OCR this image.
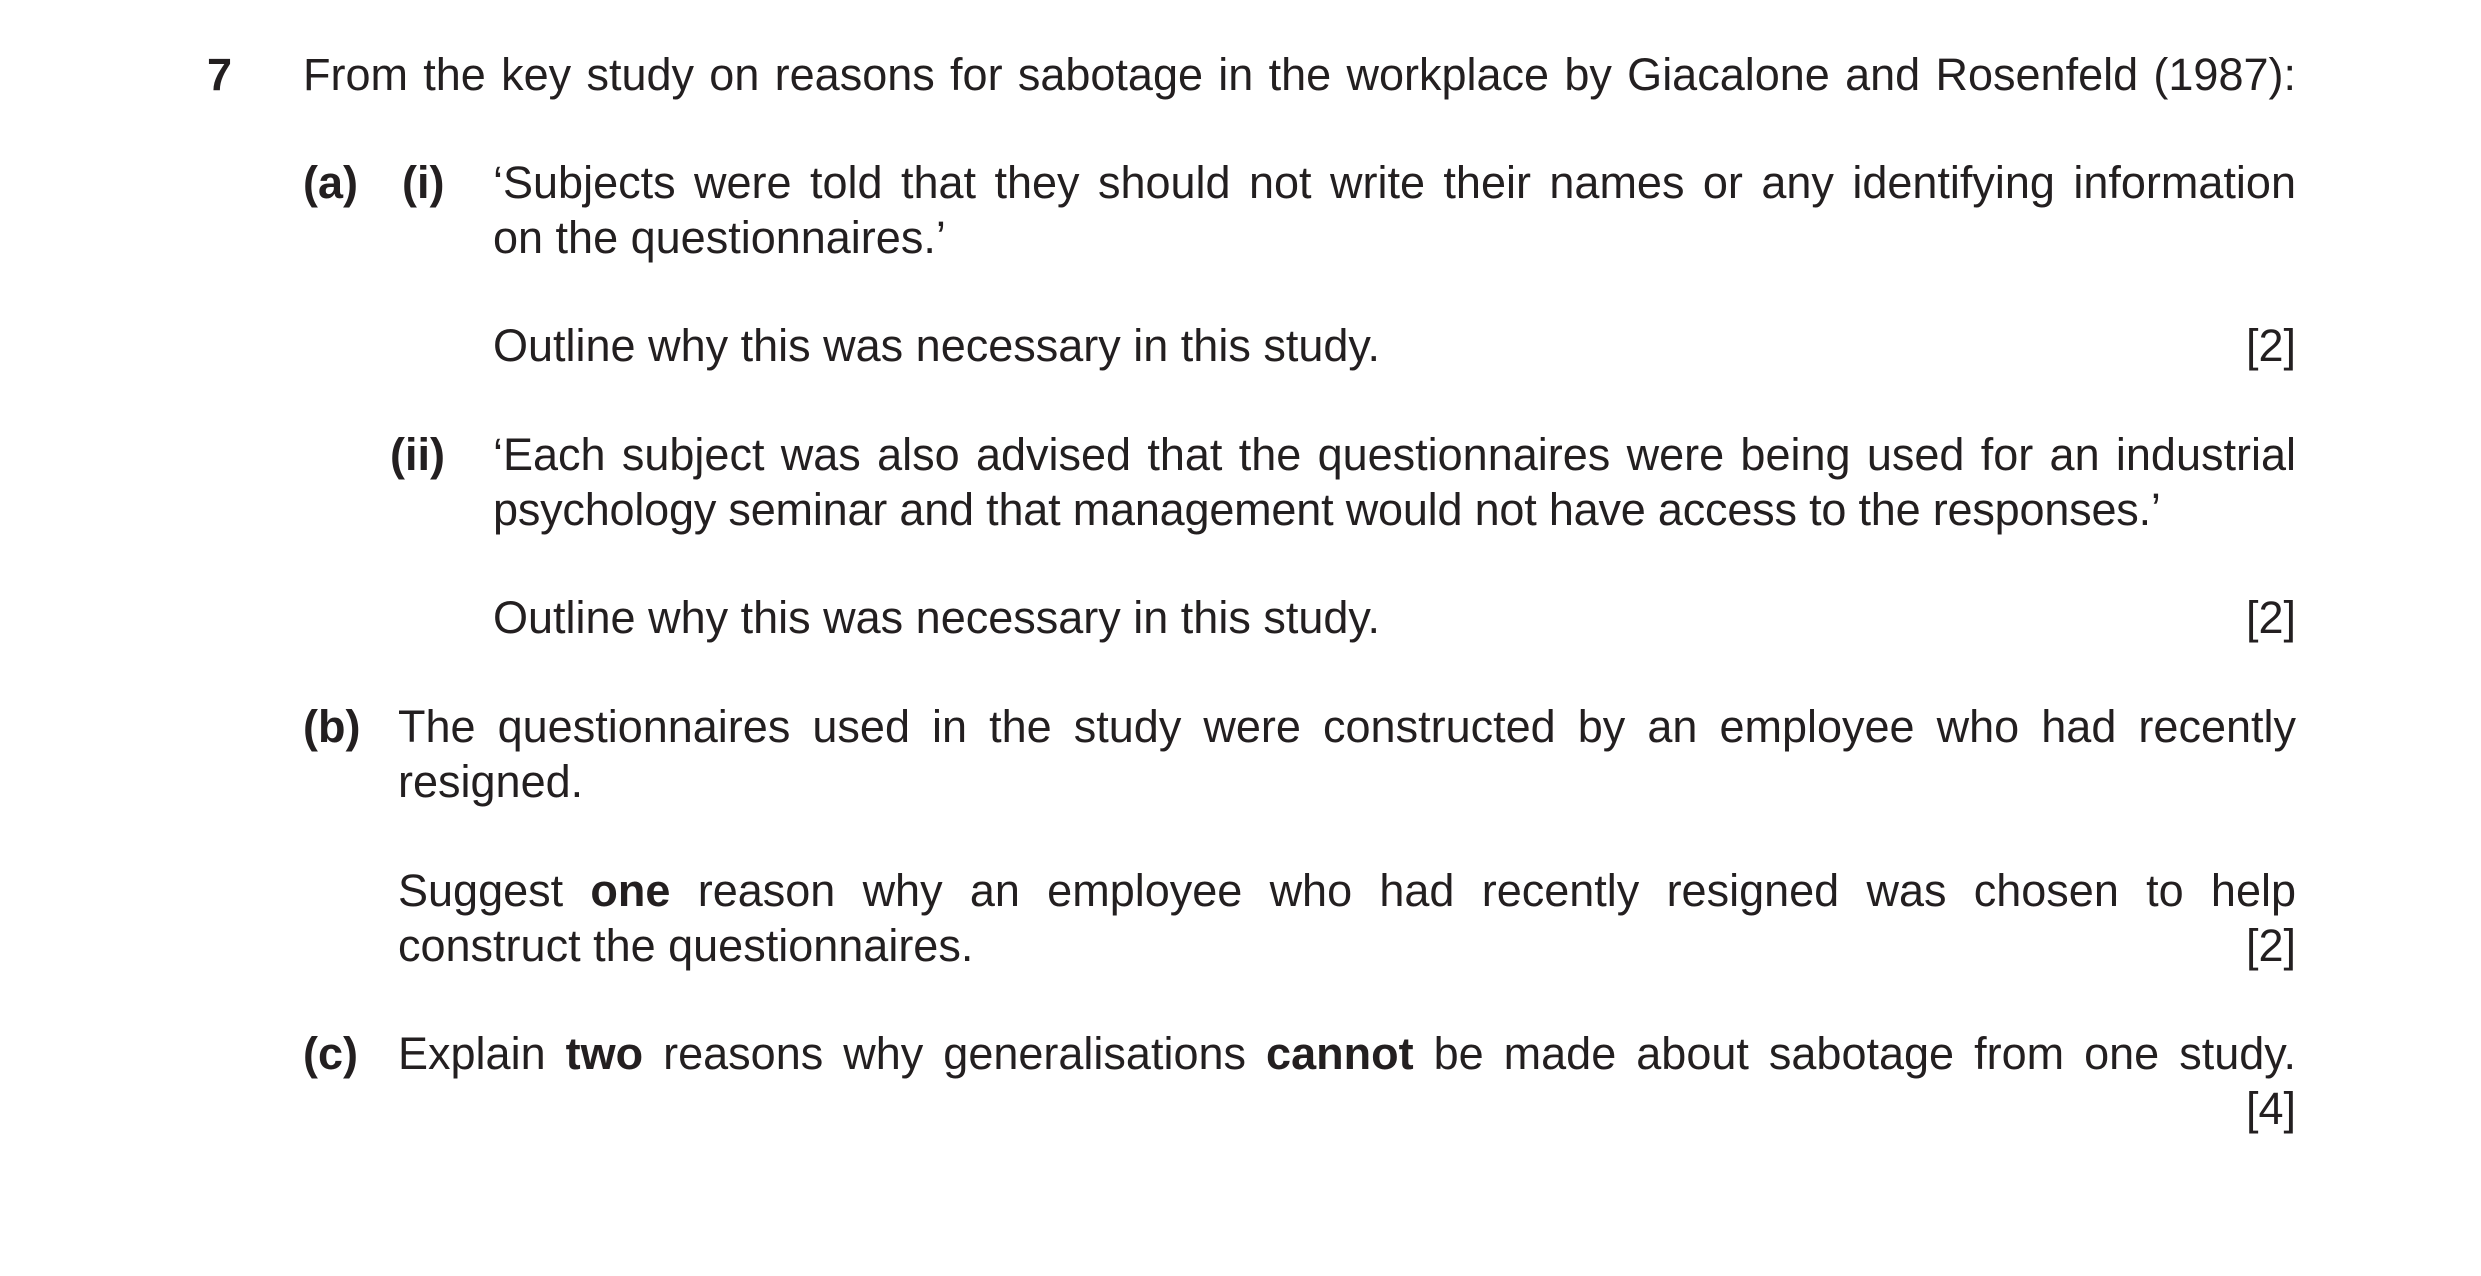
7 From the key study on reasons for sabotage in the workplace by Giacalone and Rosenfeld (1987):
(a) (i) ‘Subjects were told that they should not write their names or any identifying information
on the questionnaires.’
Outline why this was necessary in this study.	[2]
(ii) ‘Each subject was also advised that the questionnaires were being used for an industrial
psychology seminar and that management would not have access to the responses.’
Outline why this was necessary in this study.	[2]
(b) The questionnaires used in the study were constructed by an employee who had recently
resigned.
Suggest one reason why an employee who had recently resigned was chosen to help
construct the questionnaires.	[2]
(c) Explain two reasons why generalisations cannot be made about sabotage from one study.
[4]
